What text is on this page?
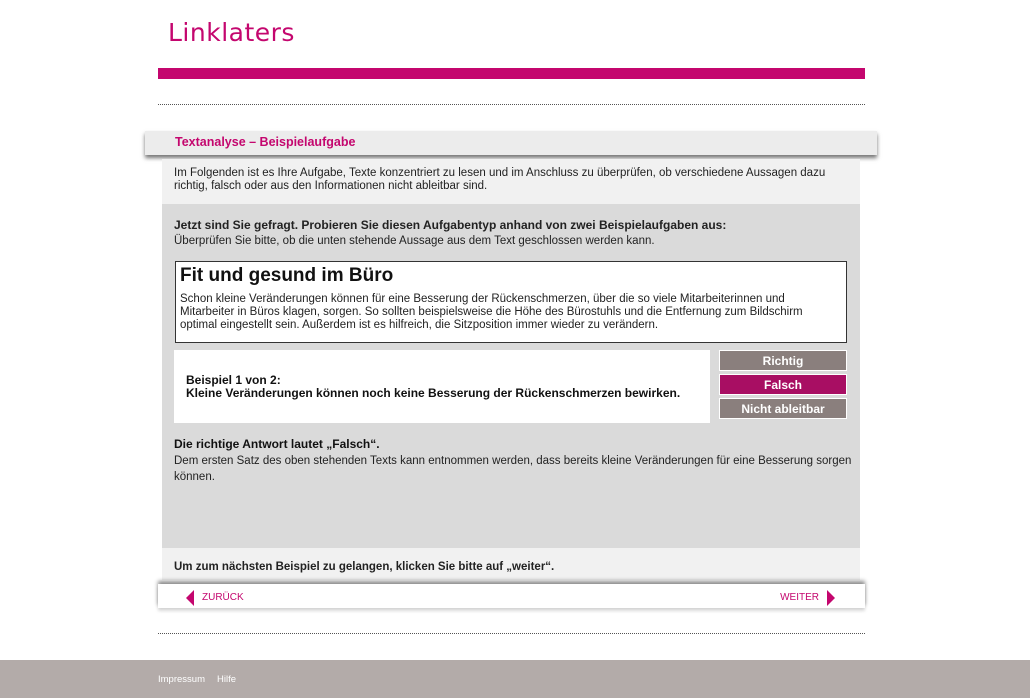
Linklaters
Textanalyse – Beispielaufgabe

Im Folgenden ist es Ihre Aufgabe, Texte konzentriert zu lesen und im Anschluss zu überprüfen, ob verschiedene Aussagen dazu richtig, falsch oder aus den Informationen nicht ableitbar sind.

Jetzt sind Sie gefragt. Probieren Sie diesen Aufgabentyp anhand von zwei Beispielaufgaben aus:
Überprüfen Sie bitte, ob die unten stehende Aussage aus dem Text geschlossen werden kann.
Fit und gesund im Büro

Schon kleine Veränderungen können für eine Besserung der Rückenschmerzen, über die so viele Mitarbeiterinnen und Mitarbeiter in Büros klagen, sorgen. So sollten beispielsweise die Höhe des Bürostuhls und die Entfernung zum Bildschirm optimal eingestellt sein. Außerdem ist es hilfreich, die Sitzposition immer wieder zu verändern.

Beispiel 1 von 2:
Kleine Veränderungen können noch keine Besserung der Rückenschmerzen bewirken.
Richtig
Falsch
Nicht ableitbar
Die richtige Antwort lautet „Falsch“.
Dem ersten Satz des oben stehenden Texts kann entnommen werden, dass bereits kleine Veränderungen für eine Besserung sorgen können.
Um zum nächsten Beispiel zu gelangen, klicken Sie bitte auf „weiter“.
ZURÜCK	WEITER
Impressum Hilfe
